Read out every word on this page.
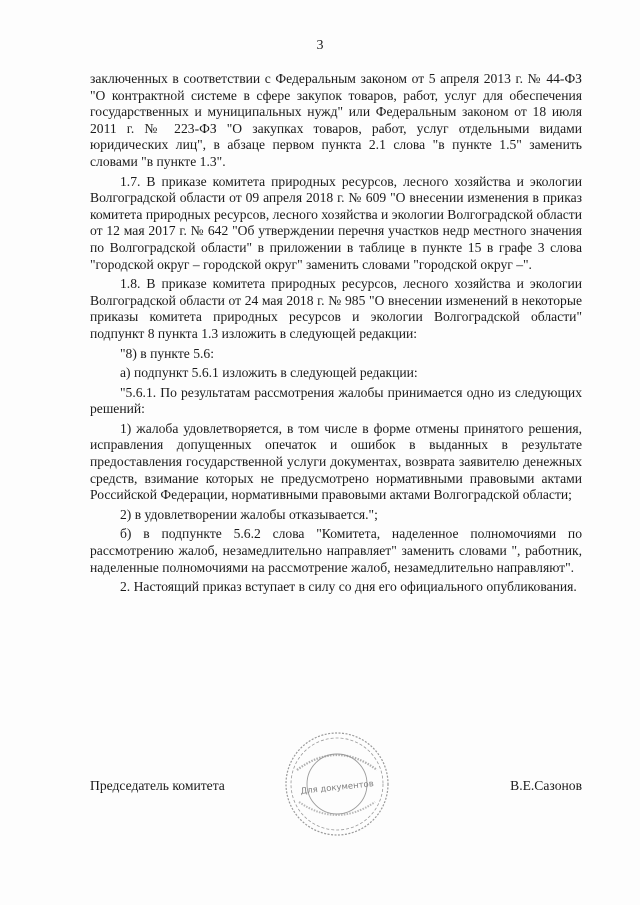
3

заключенных в соответствии с Федеральным законом от 5 апреля 2013 г. № 44-ФЗ "О контрактной системе в сфере закупок товаров, работ, услуг для обеспечения государственных и муниципальных нужд" или Федеральным законом от 18 июля 2011 г. № 223-ФЗ "О закупках товаров, работ, услуг отдельными видами юридических лиц", в абзаце первом пункта 2.1 слова "в пункте 1.5" заменить словами "в пункте 1.3".

1.7. В приказе комитета природных ресурсов, лесного хозяйства и экологии Волгоградской области от 09 апреля 2018 г. № 609 "О внесении изменения в приказ комитета природных ресурсов, лесного хозяйства и экологии Волгоградской области от 12 мая 2017 г. № 642 "Об утверждении перечня участков недр местного значения по Волгоградской области" в приложении в таблице в пункте 15 в графе 3 слова "городской округ – городской округ" заменить словами "городской округ –".

1.8. В приказе комитета природных ресурсов, лесного хозяйства и экологии Волгоградской области от 24 мая 2018 г. № 985 "О внесении изменений в некоторые приказы комитета природных ресурсов и экологии Волгоградской области" подпункт 8 пункта 1.3 изложить в следующей редакции:

"8) в пункте 5.6:

а) подпункт 5.6.1 изложить в следующей редакции:

"5.6.1. По результатам рассмотрения жалобы принимается одно из следующих решений:

1) жалоба удовлетворяется, в том числе в форме отмены принятого решения, исправления допущенных опечаток и ошибок в выданных в результате предоставления государственной услуги документах, возврата заявителю денежных средств, взимание которых не предусмотрено нормативными правовыми актами Российской Федерации, нормативными правовыми актами Волгоградской области;

2) в удовлетворении жалобы отказывается.";

б) в подпункте 5.6.2 слова "Комитета, наделенное полномочиями по рассмотрению жалоб, незамедлительно направляет" заменить словами ", работник, наделенные полномочиями на рассмотрение жалоб, незамедлительно направляют".

2. Настоящий приказ вступает в силу со дня его официального опубликования.

Для документов
Председатель комитета	В.Е.Сазонов
